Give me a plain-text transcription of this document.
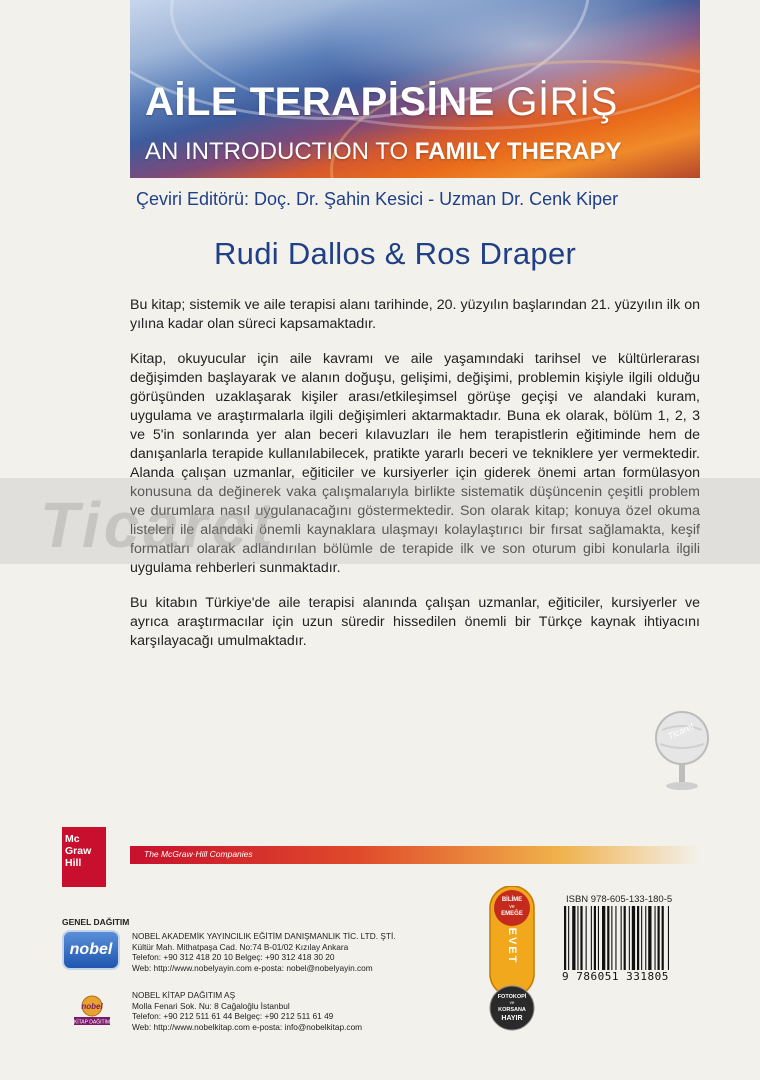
AİLE TERAPİSİNE GİRİŞ
AN INTRODUCTION TO FAMILY THERAPY
Çeviri Editörü: Doç. Dr. Şahin Kesici - Uzman Dr. Cenk Kiper
Rudi Dallos & Ros Draper

Bu kitap; sistemik ve aile terapisi alanı tarihinde, 20. yüzyılın başlarından 21. yüzyılın ilk on yılına kadar olan süreci kapsamaktadır.

Kitap, okuyucular için aile kavramı ve aile yaşamındaki tarihsel ve kültürlerarası değişimden başlayarak ve alanın doğuşu, gelişimi, değişimi, problemin kişiyle ilgili olduğu görüşünden uzaklaşarak kişiler arası/etkileşimsel görüşe geçişi ve alandaki kuram, uygulama ve araştırmalarla ilgili değişimleri aktarmaktadır. Buna ek olarak, bölüm 1, 2, 3 ve 5'in sonlarında yer alan beceri kılavuzları ile hem terapistlerin eğitiminde hem de danışanlarla terapide kullanılabilecek, pratikte yararlı beceri ve tekniklere yer vermektedir. Alanda çalışan uzmanlar, eğiticiler ve kursiyerler için giderek önemi artan formülasyon konusuna da değinerek vaka çalışmalarıyla birlikte sistematik düşüncenin çeşitli problem ve durumlara nasıl uygulanacağını göstermektedir. Son olarak kitap; konuya özel okuma listeleri ile alandaki önemli kaynaklara ulaşmayı kolaylaştırıcı bir fırsat sağlamakta, keşif formatları olarak adlandırılan bölümle de terapide ilk ve son oturum gibi konularla ilgili uygulama rehberleri sunmaktadır.

Bu kitabın Türkiye'de aile terapisi alanında çalışan uzmanlar, eğiticiler, kursiyerler ve ayrıca araştırmacılar için uzun süredir hissedilen önemli bir Türkçe kaynak ihtiyacını karşılayacağı umulmaktadır.

Ticaret
Ticaret
Mc
Graw
Hill
The McGraw·Hill Companies
GENEL DAĞITIM
nobel
NOBEL AKADEMİK YAYINCILIK EĞİTİM DANIŞMANLIK TİC. LTD. ŞTİ.
Kültür Mah. Mithatpaşa Cad. No:74 B-01/02 Kızılay Ankara
Telefon: +90 312 418 20 10 Belgeç: +90 312 418 30 20
Web: http://www.nobelyayin.com e-posta: nobel@nobelyayin.com
nobel
KİTAP DAĞITIM
NOBEL KİTAP DAĞITIM AŞ
Molla Fenari Sok. Nu: 8 Cağaloğlu İstanbul
Telefon: +90 212 511 61 44 Belgeç: +90 212 511 61 49
Web: http://www.nobelkitap.com e-posta: info@nobelkitap.com
BİLİME
ve
EMEĞE
EVET
FOTOKOPİ
ve
KORSANA
HAYIR
ISBN 978-605-133-180-5
9 786051 331805
